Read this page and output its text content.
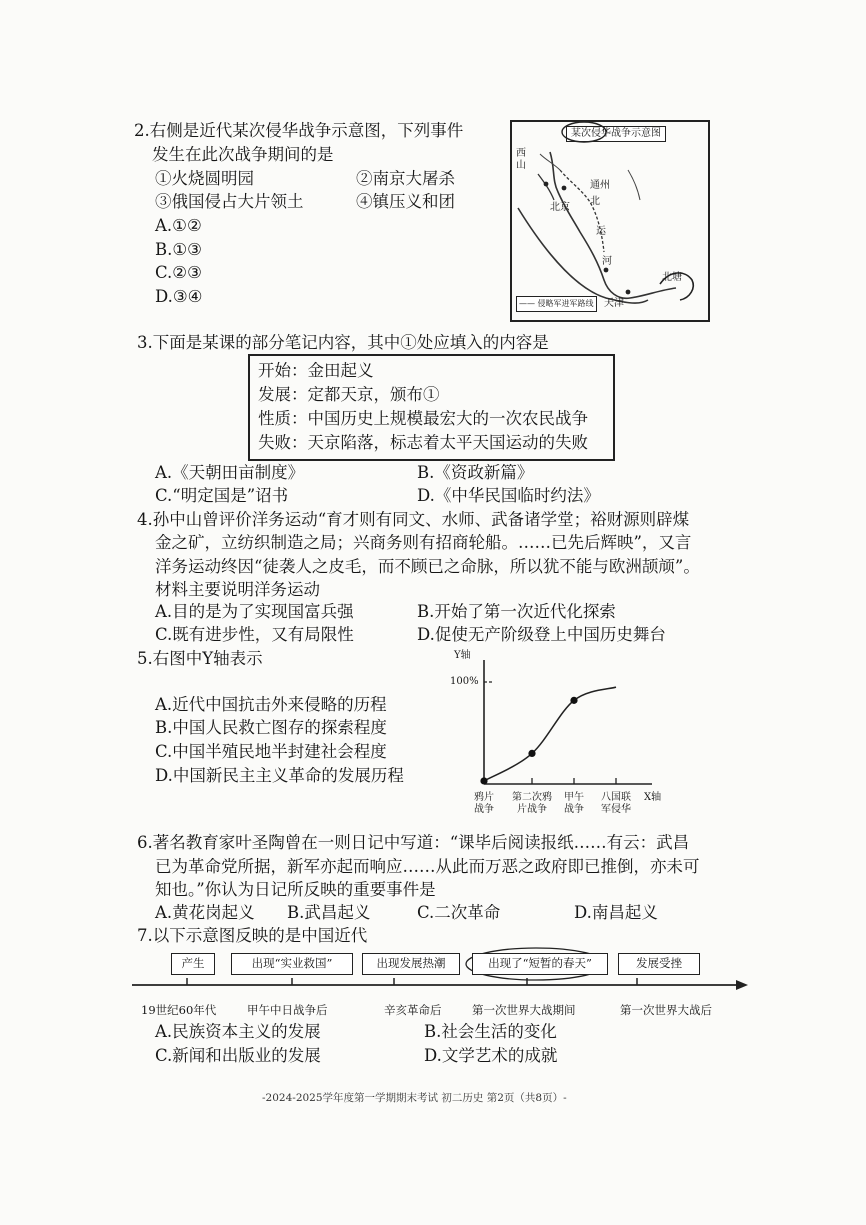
2.右侧是近代某次侵华战争示意图，下列事件
发生在此次战争期间的是
①火烧圆明园	②南京大屠杀
③俄国侵占大片领土	④镇压义和团
A.①②
B.①③
C.②③
D.③④
某次侵华战争示意图
西山
通州
北京
北
运
河
北塘
天津
—— 侵略军进军路线
3.下面是某课的部分笔记内容，其中①处应填入的内容是
开始：金田起义
发展：定都天京，颁布①
性质：中国历史上规模最宏大的一次农民战争
失败：天京陷落，标志着太平天国运动的失败
A.《天朝田亩制度》	B.《资政新篇》
C.“明定国是”诏书	D.《中华民国临时约法》
4.孙中山曾评价洋务运动“育才则有同文、水师、武备诸学堂；裕财源则辟煤
金之矿，立纺织制造之局；兴商务则有招商轮船。……已先后辉映”，又言
洋务运动终因“徒袭人之皮毛，而不顾已之命脉，所以犹不能与欧洲颉颃”。
材料主要说明洋务运动
A.目的是为了实现国富兵强	B.开始了第一次近代化探索
C.既有进步性，又有局限性	D.促使无产阶级登上中国历史舞台
5.右图中Y轴表示
A.近代中国抗击外来侵略的历程
B.中国人民救亡图存的探索程度
C.中国半殖民地半封建社会程度
D.中国新民主主义革命的发展历程
Y轴
100%
X轴
鸦片
战争
第二次鸦
片战争
甲午
战争
八国联
军侵华
6.著名教育家叶圣陶曾在一则日记中写道：“课毕后阅读报纸……有云：武昌
已为革命党所据，新军亦起而响应……从此而万恶之政府即已推倒，亦未可
知也。”你认为日记所反映的重要事件是
A.黄花岗起义 B.武昌起义	C.二次革命	D.南昌起义
7.以下示意图反映的是中国近代
产生	出现“实业救国”	出现发展热潮	出现了“短暂的春天”	发展受挫
19世纪60年代	甲午中日战争后	辛亥革命后	第一次世界大战期间	第一次世界大战后
A.民族资本主义的发展	B.社会生活的变化
C.新闻和出版业的发展	D.文学艺术的成就
-2024-2025学年度第一学期期末考试 初二历史 第2页（共8页）-
